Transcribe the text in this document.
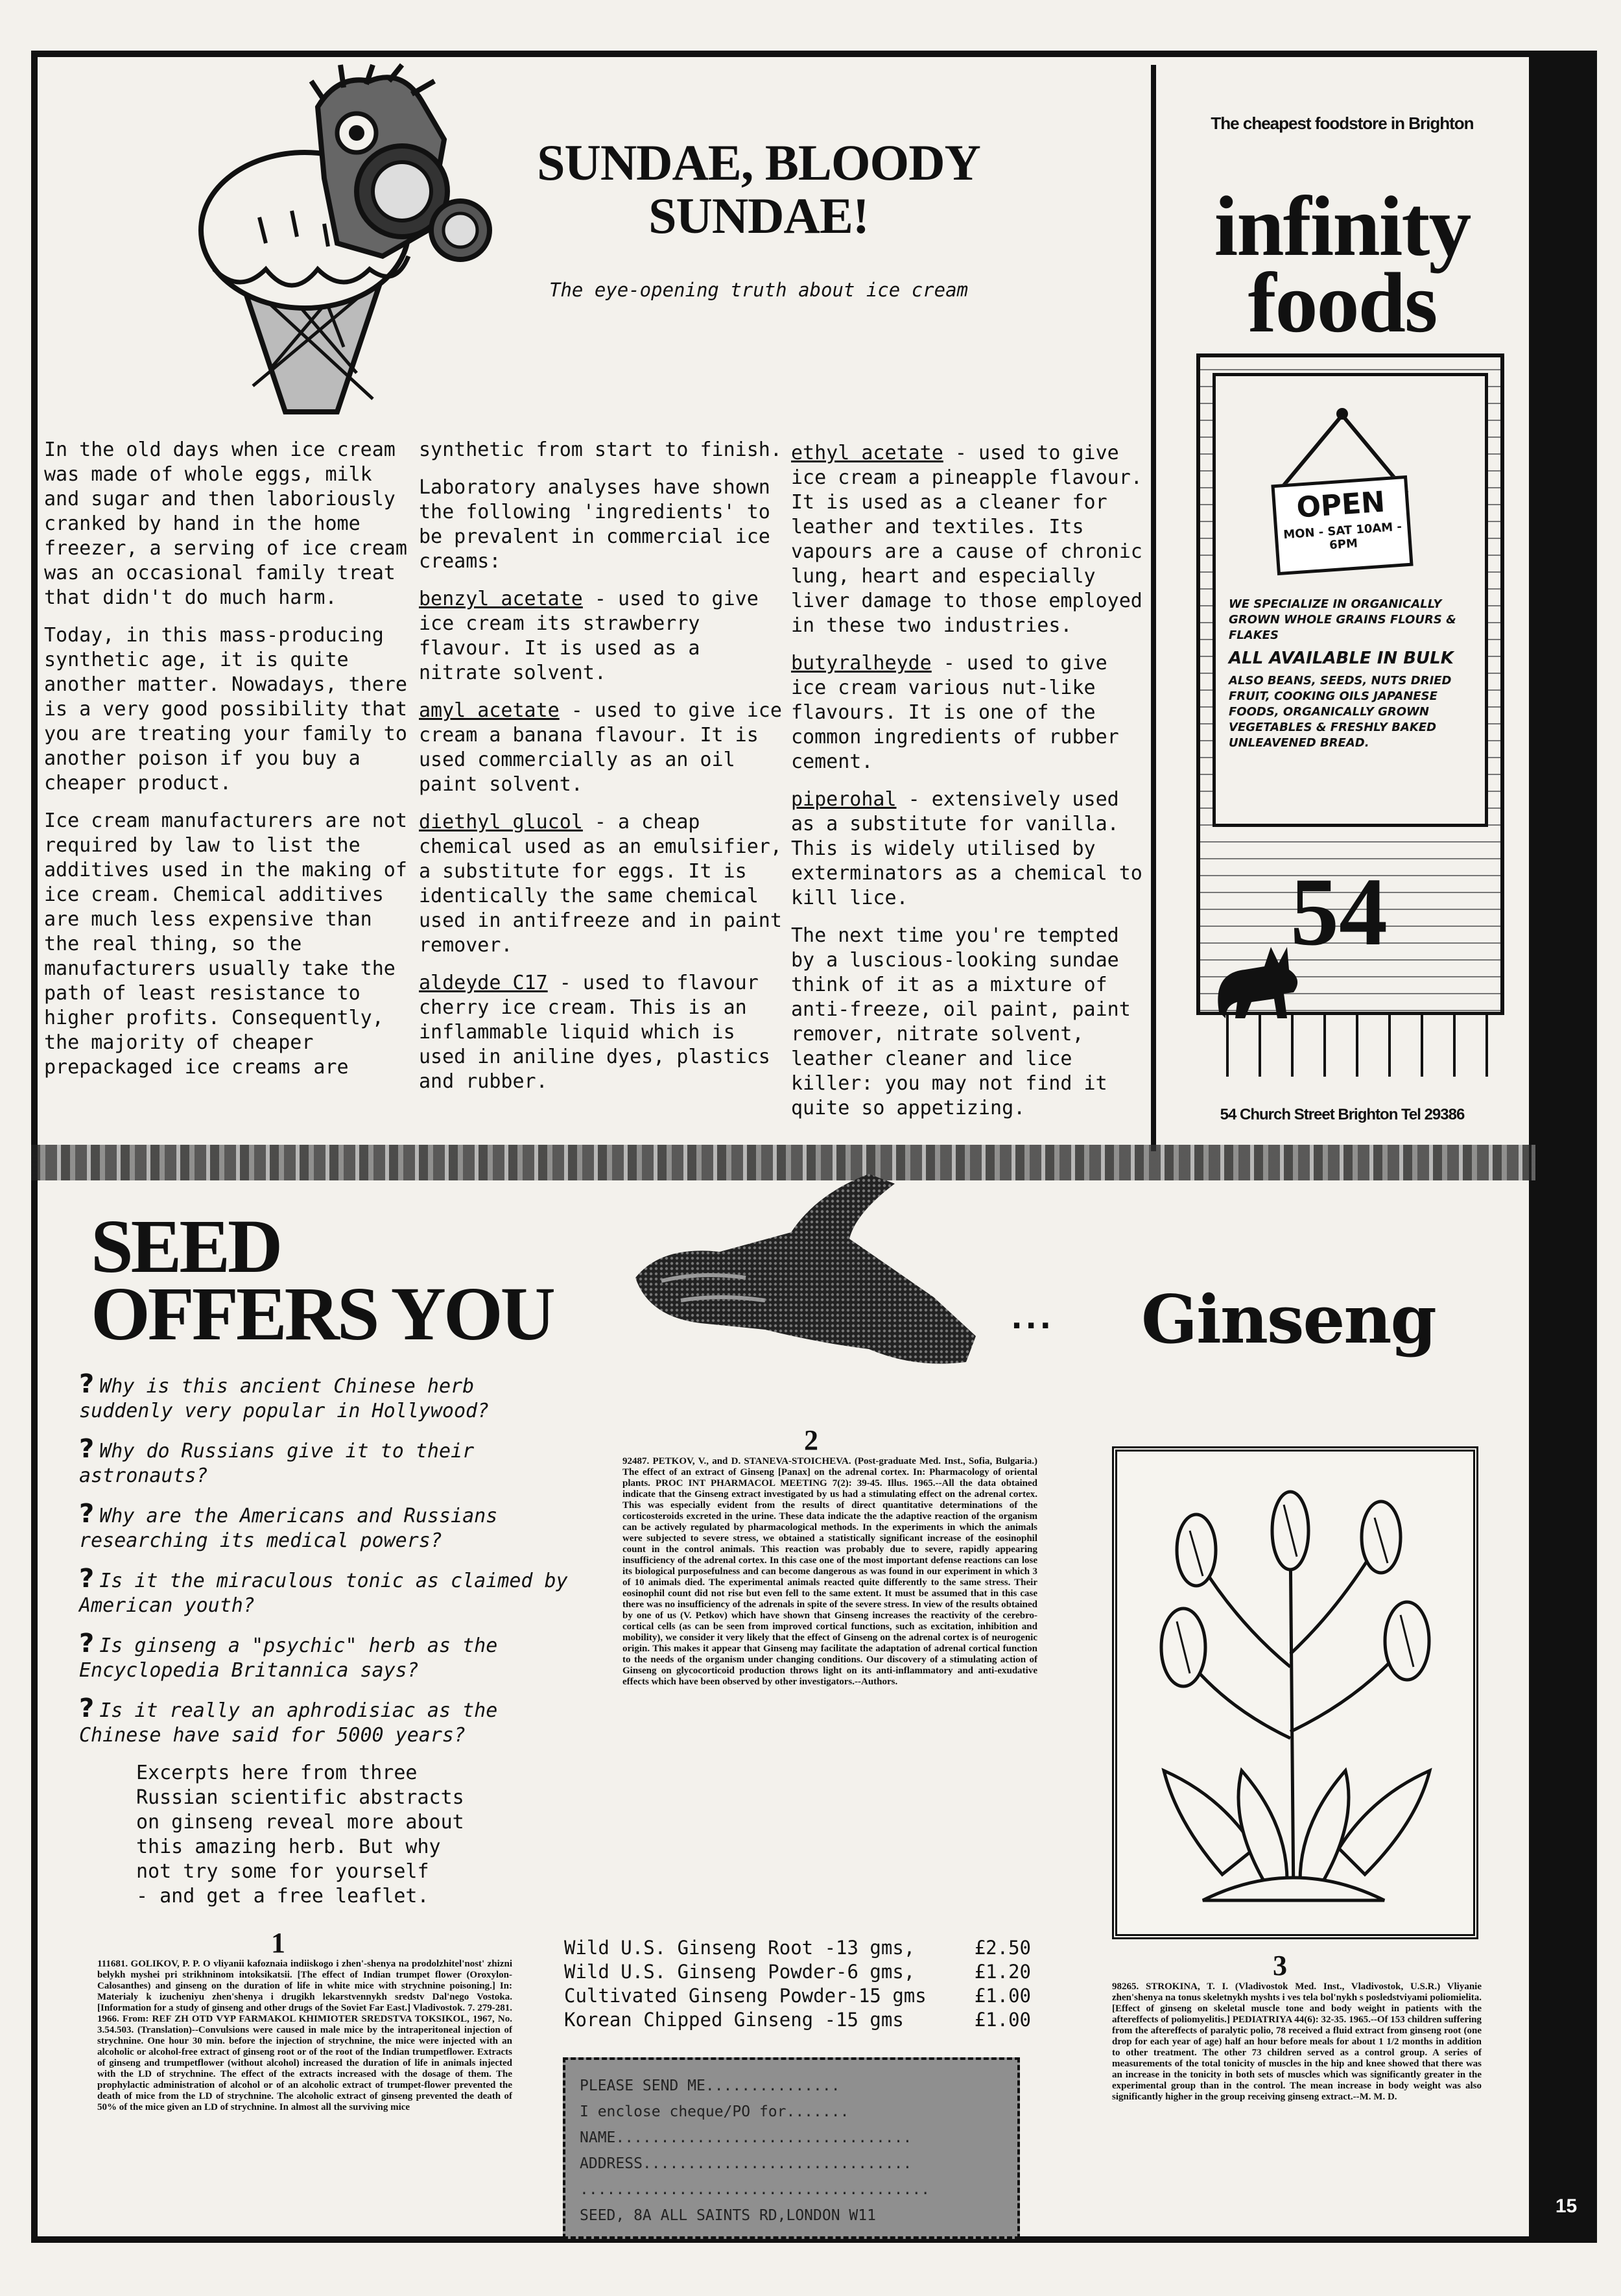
15
SUNDAE, BLOODY SUNDAE!
The eye-opening truth about ice cream

In the old days when ice cream was made of whole eggs, milk and sugar and then laboriously cranked by hand in the home freezer, a serving of ice cream was an occasional family treat that didn't do much harm.

Today, in this mass-producing synthetic age, it is quite another matter. Nowadays, there is a very good possibility that you are treating your family to another poison if you buy a cheaper product.

Ice cream manufacturers are not required by law to list the additives used in the making of ice cream. Chemical additives are much less expensive than the real thing, so the manufacturers usually take the path of least resistance to higher profits. Consequently, the majority of cheaper prepackaged ice creams are

synthetic from start to finish.

Laboratory analyses have shown the following 'ingredients' to be prevalent in commercial ice creams:

benzyl acetate - used to give ice cream its strawberry flavour. It is used as a nitrate solvent.

amyl acetate - used to give ice cream a banana flavour. It is used commercially as an oil paint solvent.

diethyl glucol - a cheap chemical used as an emulsifier, a substitute for eggs. It is identically the same chemical used in antifreeze and in paint remover.

aldeyde C17 - used to flavour cherry ice cream. This is an inflammable liquid which is used in aniline dyes, plastics and rubber.

ethyl acetate - used to give ice cream a pineapple flavour. It is used as a cleaner for leather and textiles. Its vapours are a cause of chronic lung, heart and especially liver damage to those employed in these two industries.

butyralheyde - used to give ice cream various nut-like flavours. It is one of the common ingredients of rubber cement.

piperohal - extensively used as a substitute for vanilla. This is widely utilised by exterminators as a chemical to kill lice.

The next time you're tempted by a luscious-looking sundae think of it as a mixture of anti-freeze, oil paint, paint remover, nitrate solvent, leather cleaner and lice killer: you may not find it quite so appetizing.

The cheapest foodstore in Brighton
infinity
foods
OPEN
MON - SAT 10AM - 6PM
WE SPECIALIZE IN ORGANICALLY GROWN WHOLE GRAINS FLOURS & FLAKES
ALL AVAILABLE IN BULK
ALSO BEANS, SEEDS, NUTS DRIED FRUIT, COOKING OILS JAPANESE FOODS, ORGANICALLY GROWN VEGETABLES & FRESHLY BAKED UNLEAVENED BREAD.
54
54 Church Street Brighton Tel 29386
SEED
OFFERS YOU	... Ginseng

? Why is this ancient Chinese herb suddenly very popular in Hollywood?

? Why do Russians give it to their astronauts?

? Why are the Americans and Russians researching its medical powers?

? Is it the miraculous tonic as claimed by American youth?

? Is ginseng a "psychic" herb as the Encyclopedia Britannica says?

? Is it really an aphrodisiac as the Chinese have said for 5000 years?

Excerpts here from three
Russian scientific abstracts
on ginseng reveal more about
this amazing herb. But why
not try some for yourself
- and get a free leaflet.
2
92487. PETKOV, V., and D. STANEVA-STOICHEVA. (Post-graduate Med. Inst., Sofia, Bulgaria.) The effect of an extract of Ginseng [Panax] on the adrenal cortex. In: Pharmacology of oriental plants. PROC INT PHARMACOL MEETING 7(2): 39-45. Illus. 1965.--All the data obtained indicate that the Ginseng extract investigated by us had a stimulating effect on the adrenal cortex. This was especially evident from the results of direct quantitative determinations of the corticosteroids excreted in the urine. These data indicate the the adaptive reaction of the organism can be actively regulated by pharmacological methods. In the experiments in which the animals were subjected to severe stress, we obtained a statistically significant increase of the eosinophil count in the control animals. This reaction was probably due to severe, rapidly appearing insufficiency of the adrenal cortex. In this case one of the most important defense reactions can lose its biological purposefulness and can become dangerous as was found in our experiment in which 3 of 10 animals died. The experimental animals reacted quite differently to the same stress. Their eosinophil count did not rise but even fell to the same extent. It must be assumed that in this case there was no insufficiency of the adrenals in spite of the severe stress. In view of the results obtained by one of us (V. Petkov) which have shown that Ginseng increases the reactivity of the cerebro-cortical cells (as can be seen from improved cortical functions, such as excitation, inhibition and mobility), we consider it very likely that the effect of Ginseng on the adrenal cortex is of neurogenic origin. This makes it appear that Ginseng may facilitate the adaptation of adrenal cortical function to the needs of the organism under changing conditions. Our discovery of a stimulating action of Ginseng on glycocorticoid production throws light on its anti-inflammatory and anti-exudative effects which have been observed by other investigators.--Authors.
1
111681. GOLIKOV, P. P. O vliyanii kafoznaia indiiskogo i zhen'-shenya na prodolzhitel'nost' zhizni belykh myshei pri strikhninom intoksikatsii. [The effect of Indian trumpet flower (Oroxylon-Calosanthes) and ginseng on the duration of life in white mice with strychnine poisoning.] In: Materialy k izucheniyu zhen'shenya i drugikh lekarstvennykh sredstv Dal'nego Vostoka. [Information for a study of ginseng and other drugs of the Soviet Far East.] Vladivostok. 7. 279-281. 1966. From: REF ZH OTD VYP FARMAKOL KHIMIOTER SREDSTVA TOKSIKOL, 1967, No. 3.54.503. (Translation)--Convulsions were caused in male mice by the intraperitoneal injection of strychnine. One hour 30 min. before the injection of strychnine, the mice were injected with an alcoholic or alcohol-free extract of ginseng root or of the root of the Indian trumpetflower. Extracts of ginseng and trumpetflower (without alcohol) increased the duration of life in animals injected with the LD of strychnine. The effect of the extracts increased with the dosage of them. The prophylactic administration of alcohol or of an alcoholic extract of trumpet-flower prevented the death of mice from the LD of strychnine. The alcoholic extract of ginseng prevented the death of 50% of the mice given an LD of strychnine. In almost all the surviving mice
3
98265. STROKINA, T. I. (Vladivostok Med. Inst., Vladivostok, U.S.R.) Vliyanie zhen'shenya na tonus skeletnykh myshts i ves tela bol'nykh s posledstviyami poliomielita. [Effect of ginseng on skeletal muscle tone and body weight in patients with the aftereffects of poliomyelitis.] PEDIATRIYA 44(6): 32-35. 1965.--Of 153 children suffering from the aftereffects of paralytic polio, 78 received a fluid extract from ginseng root (one drop for each year of age) half an hour before meals for about 1 1/2 months in addition to other treatment. The other 73 children served as a control group. A series of measurements of the total tonicity of muscles in the hip and knee showed that there was an increase in the tonicity in both sets of muscles which was significantly greater in the experimental group than in the control. The mean increase in body weight was also significantly higher in the group receiving ginseng extract.--M. M. D.
Wild U.S. Ginseng Root -13 gms,	£2.50
Wild U.S. Ginseng Powder-6 gms,	£1.20
Cultivated Ginseng Powder-15 gms	£1.00
Korean Chipped Ginseng -15 gms	£1.00
PLEASE SEND ME...............
I enclose cheque/PO for.......
NAME.................................
ADDRESS..............................
.......................................
SEED, 8A ALL SAINTS RD,LONDON W11
